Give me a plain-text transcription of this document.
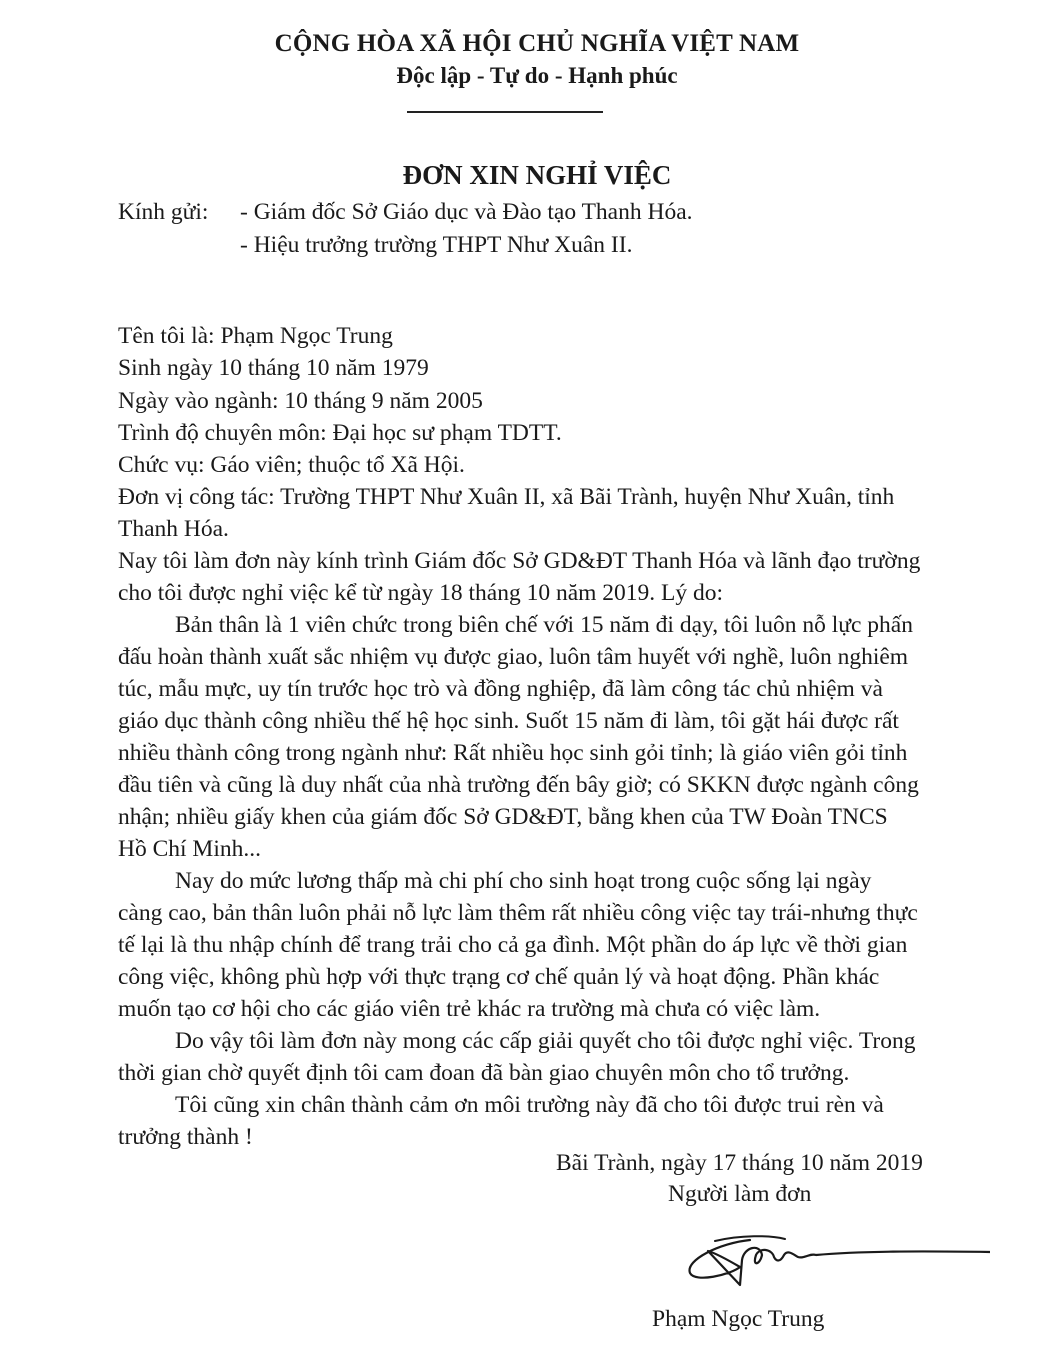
CỘNG HÒA XÃ HỘI CHỦ NGHĨA VIỆT NAM
Độc lập - Tự do - Hạnh phúc
ĐƠN XIN NGHỈ VIỆC
Kính gửi: - Giám đốc Sở Giáo dục và Đào tạo Thanh Hóa.
- Hiệu trưởng trường THPT Như Xuân II.
Tên tôi là: Phạm Ngọc Trung
Sinh ngày 10 tháng 10 năm 1979
Ngày vào ngành: 10 tháng 9 năm 2005
Trình độ chuyên môn: Đại học sư phạm TDTT.
Chức vụ: Gáo viên; thuộc tổ Xã Hội.
Đơn vị công tác: Trường THPT Như Xuân II, xã Bãi Trành, huyện Như Xuân, tỉnh
Thanh Hóa.
Nay tôi làm đơn này kính trình Giám đốc Sở GD&ĐT Thanh Hóa và lãnh đạo trường
cho tôi được nghỉ việc kể từ ngày 18 tháng 10 năm 2019. Lý do:
Bản thân là 1 viên chức trong biên chế với 15 năm đi dạy, tôi luôn nỗ lực phấn
đấu hoàn thành xuất sắc nhiệm vụ được giao, luôn tâm huyết với nghề, luôn nghiêm
túc, mẫu mực, uy tín trước học trò và đồng nghiệp, đã làm công tác chủ nhiệm và
giáo dục thành công nhiều thế hệ học sinh. Suốt 15 năm đi làm, tôi gặt hái được rất
nhiều thành công trong ngành như: Rất nhiều học sinh gỏi tỉnh; là giáo viên gỏi tỉnh
đầu tiên và cũng là duy nhất của nhà trường đến bây giờ; có SKKN được ngành công
nhận; nhiều giấy khen của giám đốc Sở GD&ĐT, bằng khen của TW Đoàn TNCS
Hồ Chí Minh...
Nay do mức lương thấp mà chi phí cho sinh hoạt trong cuộc sống lại ngày
càng cao, bản thân luôn phải nỗ lực làm thêm rất nhiều công việc tay trái-nhưng thực
tế lại là thu nhập chính để trang trải cho cả ga đình. Một phần do áp lực về thời gian
công việc, không phù hợp với thực trạng cơ chế quản lý và hoạt động. Phần khác
muốn tạo cơ hội cho các giáo viên trẻ khác ra trường mà chưa có việc làm.
Do vậy tôi làm đơn này mong các cấp giải quyết cho tôi được nghỉ việc. Trong
thời gian chờ quyết định tôi cam đoan đã bàn giao chuyên môn cho tổ trưởng.
Tôi cũng xin chân thành cảm ơn môi trường này đã cho tôi được trui rèn và
trưởng thành !
Bãi Trành, ngày 17 tháng 10 năm 2019
Người làm đơn
Phạm Ngọc Trung
